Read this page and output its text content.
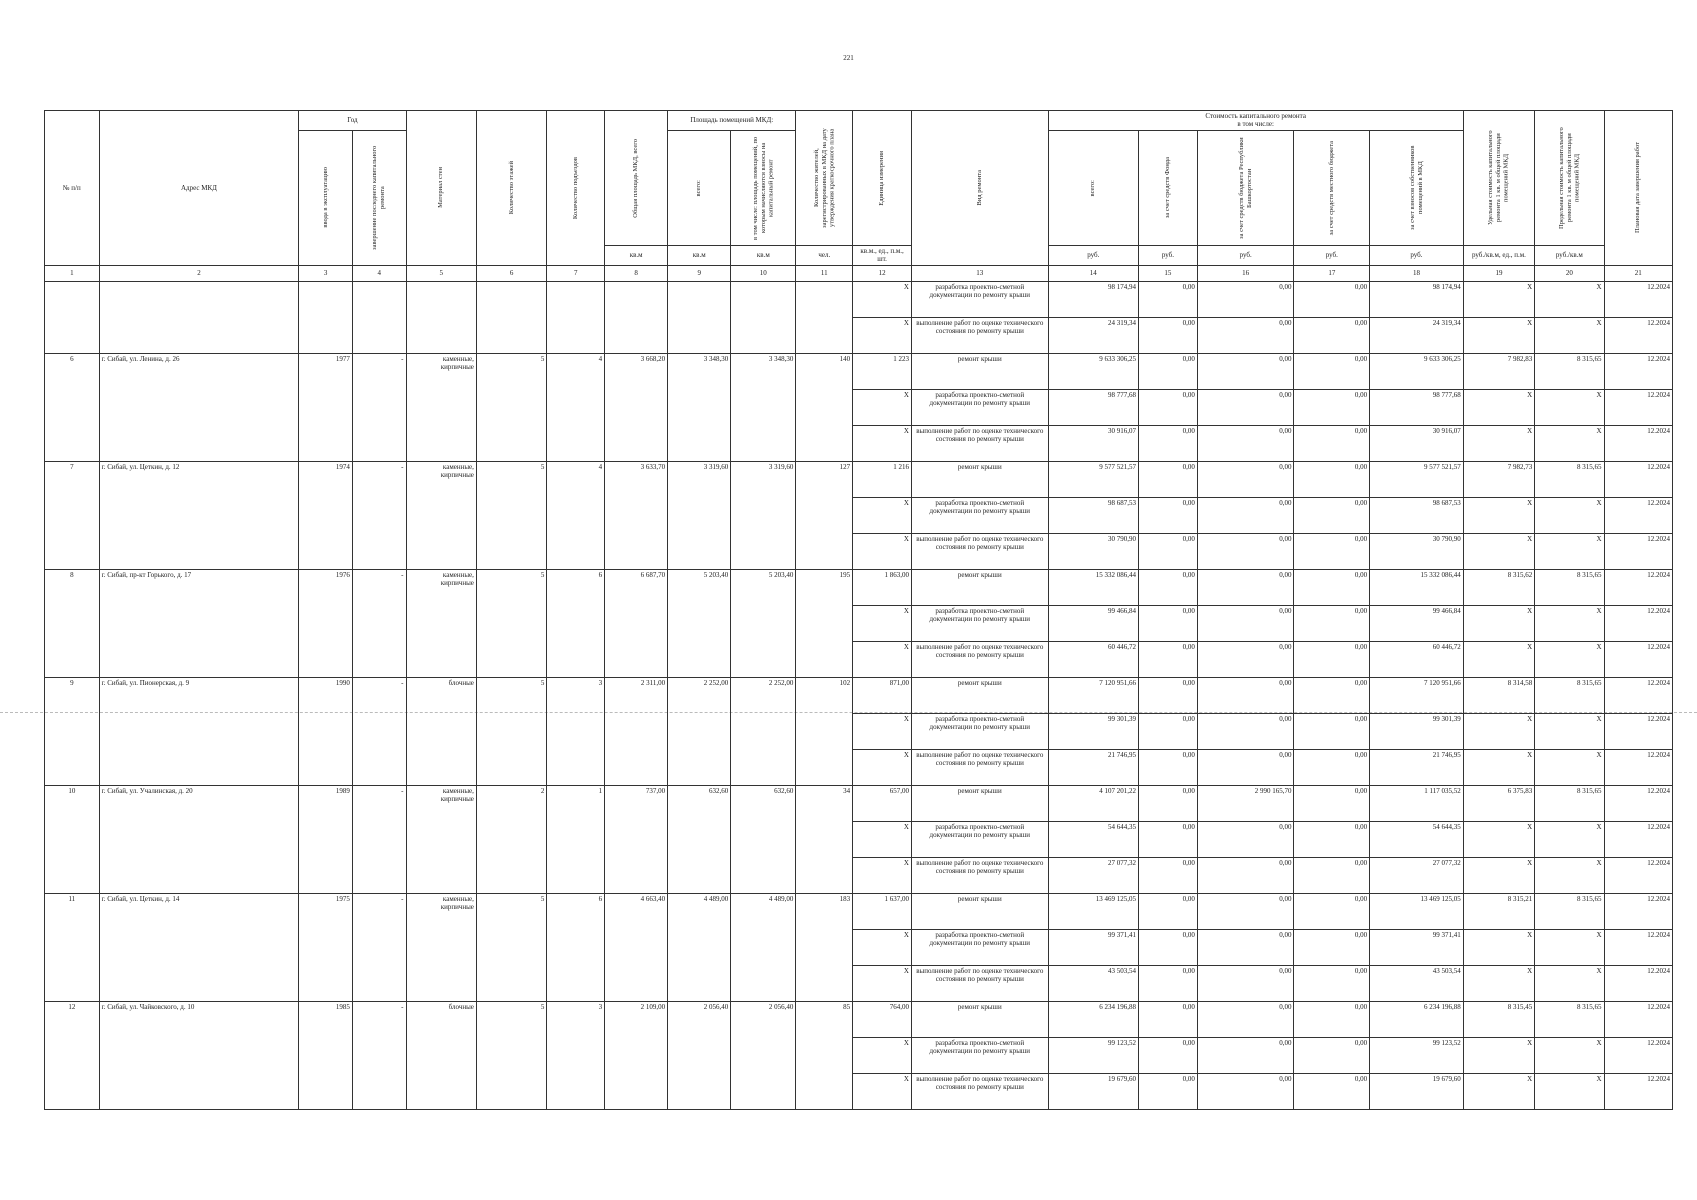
221
№ п/п	Адрес МКД	Год		Материал стен	Количество этажей	Количество подъездов	Общая площадь МКД, всего	Площадь помещений МКД:		Количество жителей, зарегистрированных в МКД на дату утверждения краткосрочного плана	Единица измерения	Вид ремонта	Стоимость капитального ремонта
в том числе:					Удельная стоимость капитального ремонта 1 кв. м общей площади помещений МКД	Предельная стоимость капитального ремонта 1 кв. м общей площади помещений МКД	Плановая дата завершения работ

		ввода в эксплуатацию	завершение последнего капитального ремонта					всего:	в том числе: площадь помещений, по которым начисляются взносы на капитальный ремонт				всего:	за счет средств Фонда	за счет средств бюджета Республики Башкортостан	за счет средств местного бюджета	за счет взносов собственников помещений в МКД			

							кв.м	кв.м	кв.м	чел.	кв.м., ед., п.м., шт.		руб.	руб.	руб.	руб.	руб.	руб./кв.м, ед., п.м.	руб./кв.м	
1	2	3	4	5	6	7	8	9	10	11	12	13	14	15	16	17	18	19	20	21
											X	разработка проектно-сметной документации по ремонту крыши	98 174,94	0,00	0,00	0,00	98 174,94	X	X	12.2024
											X	выполнение работ по оценке технического состояния по ремонту крыши	24 319,34	0,00	0,00	0,00	24 319,34	X	X	12.2024
6	г. Сибай, ул. Ленина, д. 26	1977	-	каменные, кирпичные	5	4	3 668,20	3 348,30	3 348,30	140	1 223	ремонт крыши	9 633 306,25	0,00	0,00	0,00	9 633 306,25	7 982,83	8 315,65	12.2024
											X	разработка проектно-сметной документации по ремонту крыши	98 777,68	0,00	0,00	0,00	98 777,68	X	X	12.2024
											X	выполнение работ по оценке технического состояния по ремонту крыши	30 916,07	0,00	0,00	0,00	30 916,07	X	X	12.2024
7	г. Сибай, ул. Цеткин, д. 12	1974	-	каменные, кирпичные	5	4	3 633,70	3 319,60	3 319,60	127	1 216	ремонт крыши	9 577 521,57	0,00	0,00	0,00	9 577 521,57	7 982,73	8 315,65	12.2024
											X	разработка проектно-сметной документации по ремонту крыши	98 687,53	0,00	0,00	0,00	98 687,53	X	X	12.2024
											X	выполнение работ по оценке технического состояния по ремонту крыши	30 790,90	0,00	0,00	0,00	30 790,90	X	X	12.2024
8	г. Сибай, пр-кт Горького, д. 17	1976	-	каменные, кирпичные	5	6	6 687,70	5 203,40	5 203,40	195	1 863,00	ремонт крыши	15 332 086,44	0,00	0,00	0,00	15 332 086,44	8 315,62	8 315,65	12.2024
											X	разработка проектно-сметной документации по ремонту крыши	99 466,84	0,00	0,00	0,00	99 466,84	X	X	12.2024
											X	выполнение работ по оценке технического состояния по ремонту крыши	60 446,72	0,00	0,00	0,00	60 446,72	X	X	12.2024
9	г. Сибай, ул. Пионерская, д. 9	1990	-	блочные	5	3	2 311,00	2 252,00	2 252,00	102	871,00	ремонт крыши	7 120 951,66	0,00	0,00	0,00	7 120 951,66	8 314,58	8 315,65	12.2024
											X	разработка проектно-сметной документации по ремонту крыши	99 301,39	0,00	0,00	0,00	99 301,39	X	X	12.2024
											X	выполнение работ по оценке технического состояния по ремонту крыши	21 746,95	0,00	0,00	0,00	21 746,95	X	X	12.2024
10	г. Сибай, ул. Учалинская, д. 20	1989	-	каменные, кирпичные	2	1	737,00	632,60	632,60	34	657,00	ремонт крыши	4 107 201,22	0,00	2 990 165,70	0,00	1 117 035,52	6 375,83	8 315,65	12.2024
											X	разработка проектно-сметной документации по ремонту крыши	54 644,35	0,00	0,00	0,00	54 644,35	X	X	12.2024
											X	выполнение работ по оценке технического состояния по ремонту крыши	27 077,32	0,00	0,00	0,00	27 077,32	X	X	12.2024
11	г. Сибай, ул. Цеткин, д. 14	1975	-	каменные, кирпичные	5	6	4 663,40	4 489,00	4 489,00	183	1 637,00	ремонт крыши	13 469 125,05	0,00	0,00	0,00	13 469 125,05	8 315,21	8 315,65	12.2024
											X	разработка проектно-сметной документации по ремонту крыши	99 371,41	0,00	0,00	0,00	99 371,41	X	X	12.2024
											X	выполнение работ по оценке технического состояния по ремонту крыши	43 503,54	0,00	0,00	0,00	43 503,54	X	X	12.2024
12	г. Сибай, ул. Чайковского, д. 10	1985	-	блочные	5	3	2 109,00	2 056,40	2 056,40	85	764,00	ремонт крыши	6 234 196,88	0,00	0,00	0,00	6 234 196,88	8 315,45	8 315,65	12.2024
											X	разработка проектно-сметной документации по ремонту крыши	99 123,52	0,00	0,00	0,00	99 123,52	X	X	12.2024
											X	выполнение работ по оценке технического состояния по ремонту крыши	19 679,60	0,00	0,00	0,00	19 679,60	X	X	12.2024
